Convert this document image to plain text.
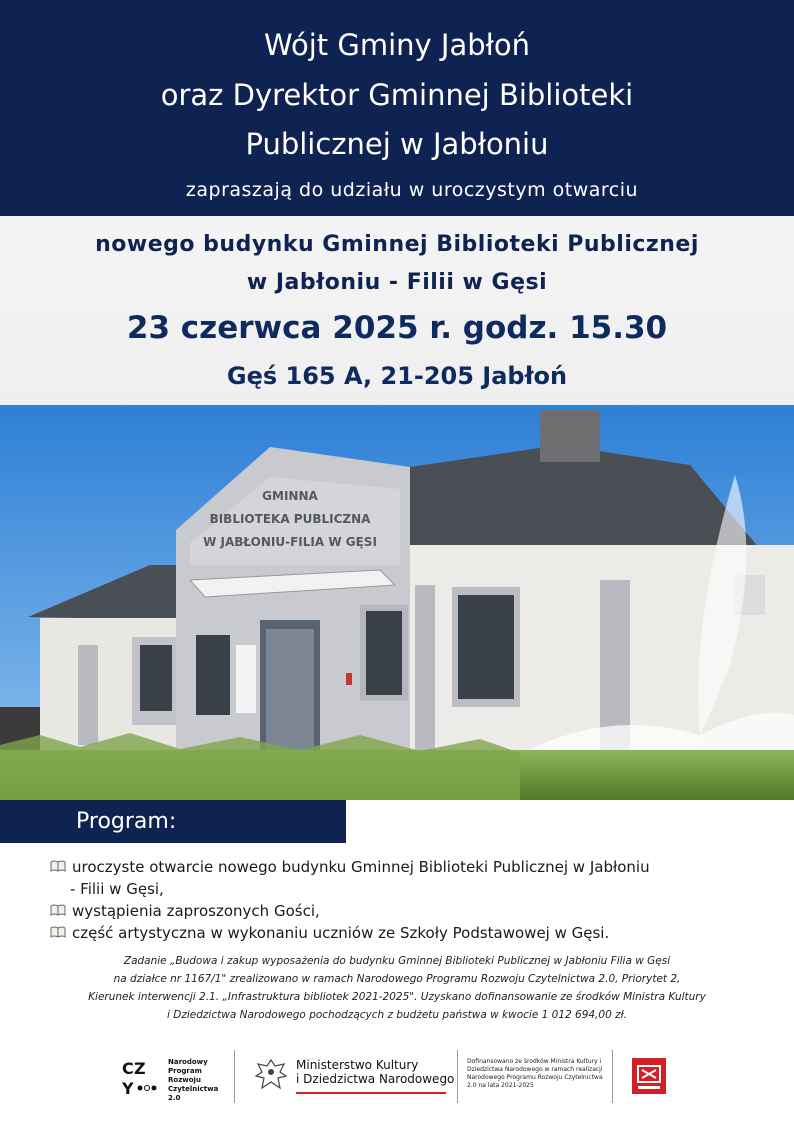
Wójt Gminy Jabłoń
oraz Dyrektor Gminnej Biblioteki
Publicznej w Jabłoniu
zapraszają do udziału w uroczystym otwarciu
nowego budynku Gminnej Biblioteki Publicznej
w Jabłoniu - Filii w Gęsi
23 czerwca 2025 r. godz. 15.30
Gęś 165 A, 21-205 Jabłoń
GMINNA
BIBLIOTEKA PUBLICZNA
W JABŁONIU-FILIA W GĘSI
Program:
uroczyste otwarcie nowego budynku Gminnej Biblioteki Publicznej w Jabłoniu
- Filii w Gęsi,
wystąpienia zaproszonych Gości,
część artystyczna w wykonaniu uczniów ze Szkoły Podstawowej w Gęsi.
Zadanie „Budowa i zakup wyposażenia do budynku Gminnej Biblioteki Publicznej w Jabłoniu Filia w Gęsi
na działce nr 1167/1" zrealizowano w ramach Narodowego Programu Rozwoju Czytelnictwa 2.0, Priorytet 2,
Kierunek interwencji 2.1. „Infrastruktura bibliotek 2021-2025". Uzyskano dofinansowanie ze środków Ministra Kultury
i Dziedzictwa Narodowego pochodzących z budżetu państwa w kwocie 1 012 694,00 zł.
C Z
Y
Narodowy
Program
Rozwoju
Czytelnictwa
2.0
Ministerstwo Kultury
i Dziedzictwa Narodowego
Dofinansowano ze środków Ministra Kultury i Dziedzictwa Narodowego w ramach realizacji Narodowego Programu Rozwoju Czytelnictwa 2.0 na lata 2021-2025
